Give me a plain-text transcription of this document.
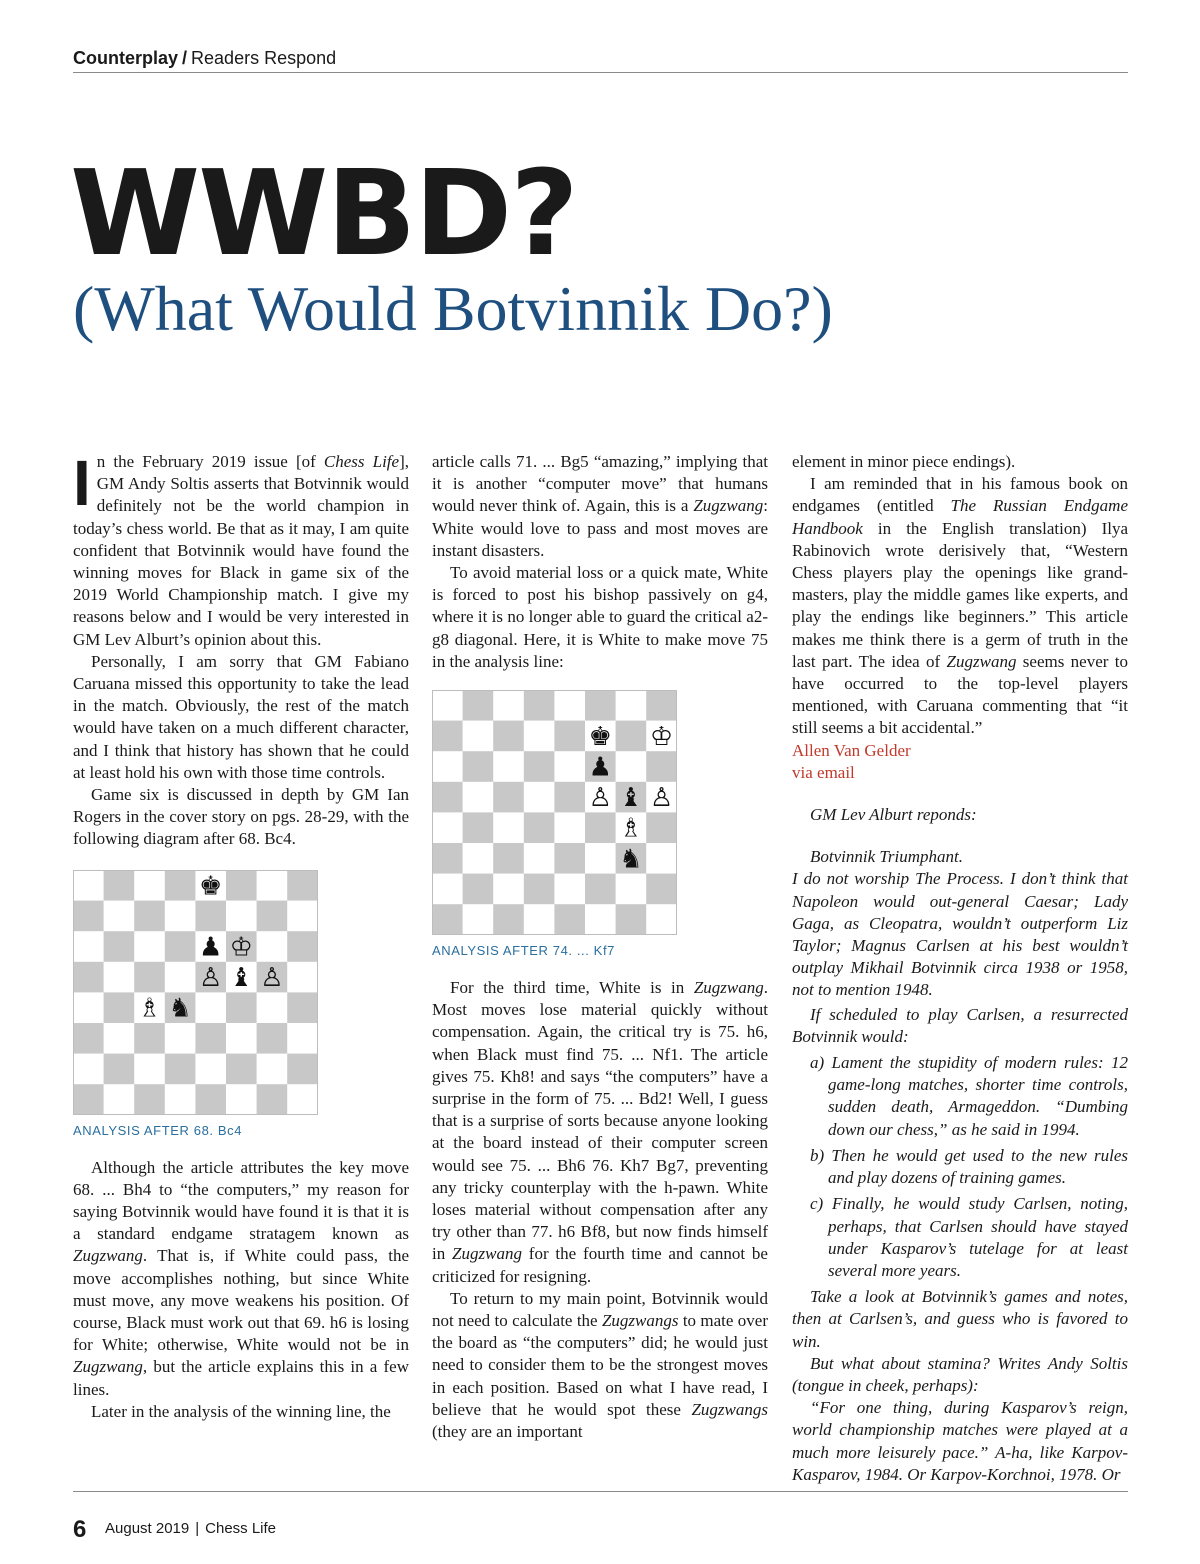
Counterplay / Readers Respond
WWBD?
(What Would Botvinnik Do?)

In the February 2019 issue [of Chess Life], GM Andy Soltis asserts that Botvinnik would definitely not be the world champion in today’s chess world. Be that as it may, I am quite confident that Botvinnik would have found the winning moves for Black in game six of the 2019 World Championship match. I give my reasons below and I would be very interested in GM Lev Alburt’s opinion about this.

Personally, I am sorry that GM Fabiano Caruana missed this opportunity to take the lead in the match. Obviously, the rest of the match would have taken on a much different character, and I think that history has shown that he could at least hold his own with those time controls.

Game six is discussed in depth by GM Ian Rogers in the cover story on pgs. 28-29, with the following diagram after 68. Bc4.

♚
♟ ♔
♙ ♝ ♙
♗ ♞
ANALYSIS AFTER 68. Bc4

Although the article attributes the key move 68. ... Bh4 to “the computers,” my reason for saying Botvinnik would have found it is that it is a standard endgame stratagem known as Zugzwang. That is, if White could pass, the move accomplishes nothing, but since White must move, any move weakens his position. Of course, Black must work out that 69. h6 is losing for White; otherwise, White would not be in Zugzwang, but the article explains this in a few lines.

Later in the analysis of the winning line, the

article calls 71. ... Bg5 “amazing,” implying that it is another “computer move” that humans would never think of. Again, this is a Zugzwang: White would love to pass and most moves are instant disasters.

To avoid material loss or a quick mate, White is forced to post his bishop passively on g4, where it is no longer able to guard the critical a2-g8 diagonal. Here, it is White to make move 75 in the analysis line:

♚ ♔
♟
♙ ♝ ♙
♗
♞
ANALYSIS AFTER 74. ... Kf7

For the third time, White is in Zugzwang. Most moves lose material quickly without compensation. Again, the critical try is 75. h6, when Black must find 75. ... Nf1. The article gives 75. Kh8! and says “the computers” have a surprise in the form of 75. ... Bd2! Well, I guess that is a surprise of sorts because anyone looking at the board instead of their computer screen would see 75. ... Bh6 76. Kh7 Bg7, preventing any tricky counterplay with the h-pawn. White loses material without compensation after any try other than 77. h6 Bf8, but now finds himself in Zugzwang for the fourth time and cannot be criticized for resigning.

To return to my main point, Botvinnik would not need to calculate the Zugzwangs to mate over the board as “the computers” did; he would just need to consider them to be the strongest moves in each position. Based on what I have read, I believe that he would spot these Zugzwangs (they are an important

element in minor piece endings).

I am reminded that in his famous book on endgames (entitled The Russian Endgame Handbook in the English translation) Ilya Rabinovich wrote derisively that, “Western Chess players play the openings like grand-masters, play the middle games like experts, and play the endings like beginners.” This article makes me think there is a germ of truth in the last part. The idea of Zugzwang seems never to have occurred to the top-level players mentioned, with Caruana commenting that “it still seems a bit accidental.”

Allen Van Gelder

via email

GM Lev Alburt reponds:

Botvinnik Triumphant.

I do not worship The Process. I don’t think that Napoleon would out-general Caesar; Lady Gaga, as Cleopatra, wouldn’t outperform Liz Taylor; Magnus Carlsen at his best wouldn’t outplay Mikhail Botvinnik circa 1938 or 1958, not to mention 1948.

If scheduled to play Carlsen, a resurrected Botvinnik would:

a) Lament the stupidity of modern rules: 12 game-long matches, shorter time controls, sudden death, Armageddon. “Dumbing down our chess,” as he said in 1994.
b) Then he would get used to the new rules and play dozens of training games.
c) Finally, he would study Carlsen, noting, perhaps, that Carlsen should have stayed under Kasparov’s tutelage for at least several more years.

Take a look at Botvinnik’s games and notes, then at Carlsen’s, and guess who is favored to win.

But what about stamina? Writes Andy Soltis (tongue in cheek, perhaps):

“For one thing, during Kasparov’s reign, world championship matches were played at a much more leisurely pace.” A-ha, like Karpov-Kasparov, 1984. Or Karpov-Korchnoi, 1978. Or

6 August 2019 | Chess Life
